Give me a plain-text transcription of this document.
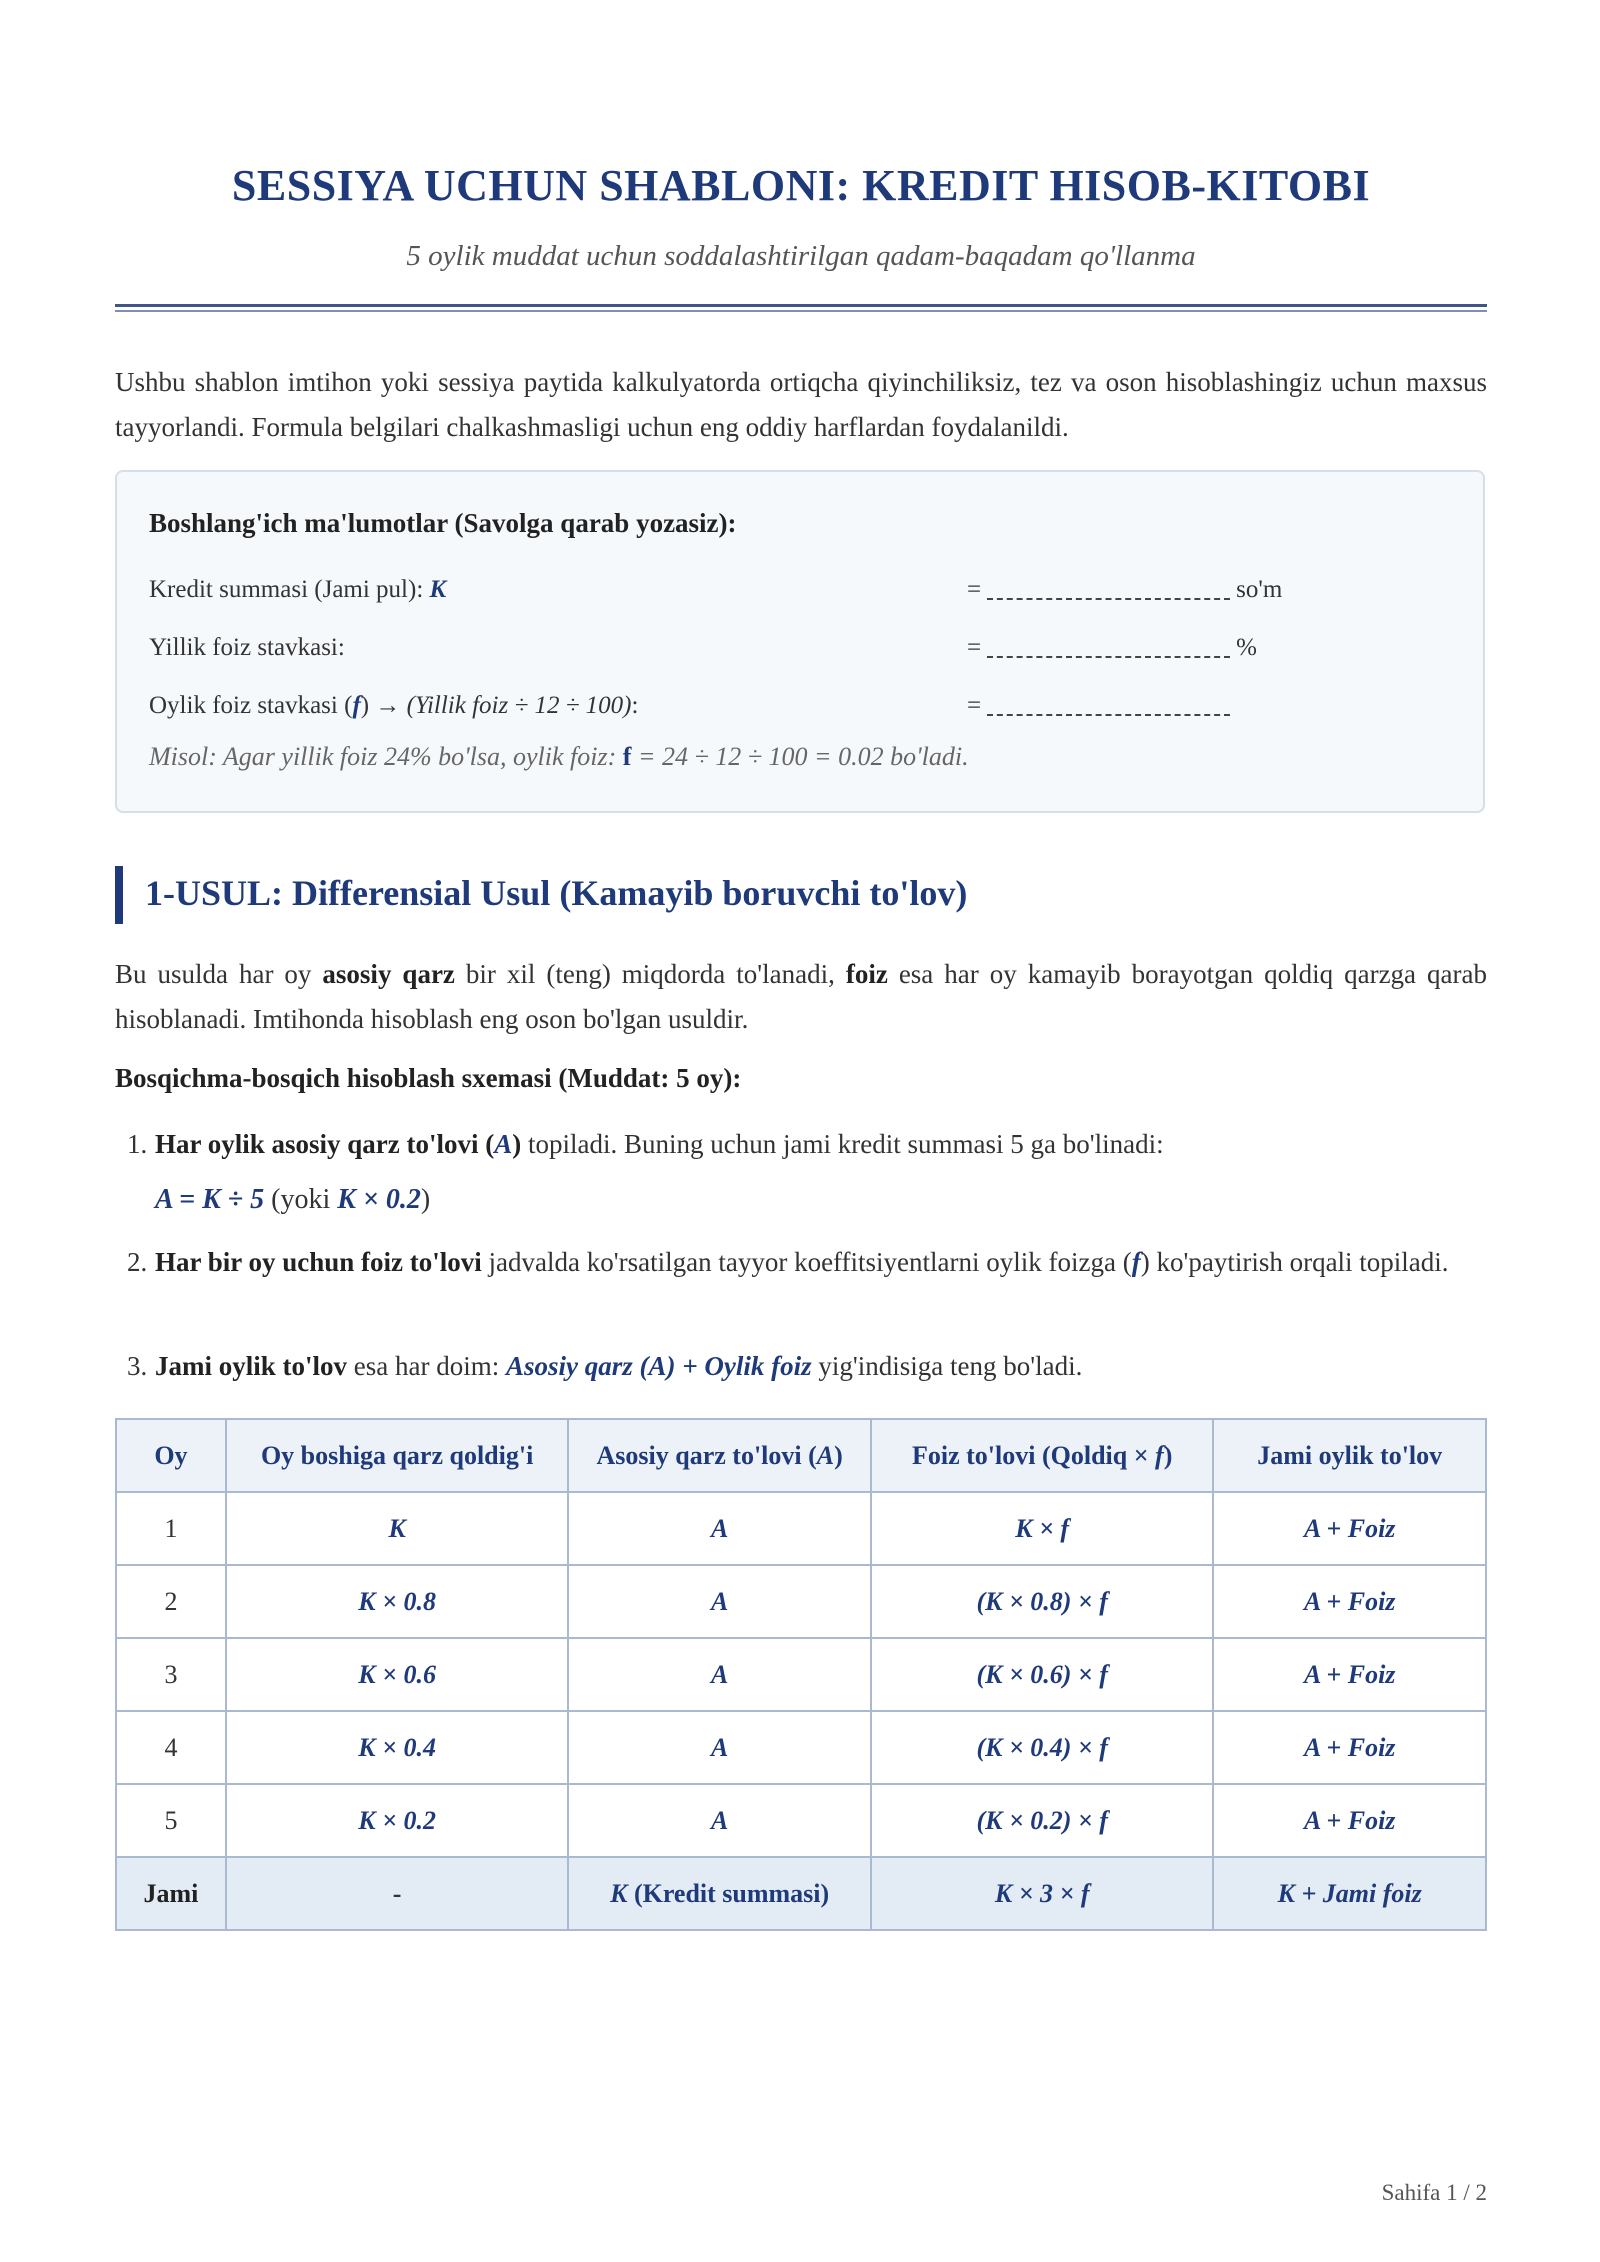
SESSIYA UCHUN SHABLONI: KREDIT HISOB-KITOBI
5 oylik muddat uchun soddalashtirilgan qadam-baqadam qo'llanma
Ushbu shablon imtihon yoki sessiya paytida kalkulyatorda ortiqcha qiyinchiliksiz, tez va oson hisoblashingiz uchun maxsus tayyorlandi. Formula belgilari chalkashmasligi uchun eng oddiy harflardan foydalanildi.
Boshlang'ich ma'lumotlar (Savolga qarab yozasiz):
Kredit summasi (Jami pul): K	=	so'm
Yillik foiz stavkasi:	=	%
Oylik foiz stavkasi (f) → (Yillik foiz ÷ 12 ÷ 100):	=
Misol: Agar yillik foiz 24% bo'lsa, oylik foiz: f = 24 ÷ 12 ÷ 100 = 0.02 bo'ladi.
1-USUL: Differensial Usul (Kamayib boruvchi to'lov)
Bu usulda har oy asosiy qarz bir xil (teng) miqdorda to'lanadi, foiz esa har oy kamayib borayotgan qoldiq qarzga qarab hisoblanadi. Imtihonda hisoblash eng oson bo'lgan usuldir.
Bosqichma-bosqich hisoblash sxemasi (Muddat: 5 oy):
1. Har oylik asosiy qarz to'lovi (A) topiladi. Buning uchun jami kredit summasi 5 ga bo'linadi:
A = K ÷ 5 (yoki K × 0.2)
2. Har bir oy uchun foiz to'lovi jadvalda ko'rsatilgan tayyor koeffitsiyentlarni oylik foizga (f) ko'paytirish orqali topiladi.
3. Jami oylik to'lov esa har doim: Asosiy qarz (A) + Oylik foiz yig'indisiga teng bo'ladi.
Oy	Oy boshiga qarz qoldig'i	Asosiy qarz to'lovi (A)	Foiz to'lovi (Qoldiq × f)	Jami oylik to'lov
1	K	A	K × f	A + Foiz
2	K × 0.8	A	(K × 0.8) × f	A + Foiz
3	K × 0.6	A	(K × 0.6) × f	A + Foiz
4	K × 0.4	A	(K × 0.4) × f	A + Foiz
5	K × 0.2	A	(K × 0.2) × f	A + Foiz
Jami	-	K (Kredit summasi)	K × 3 × f	K + Jami foiz
Sahifa 1 / 2
